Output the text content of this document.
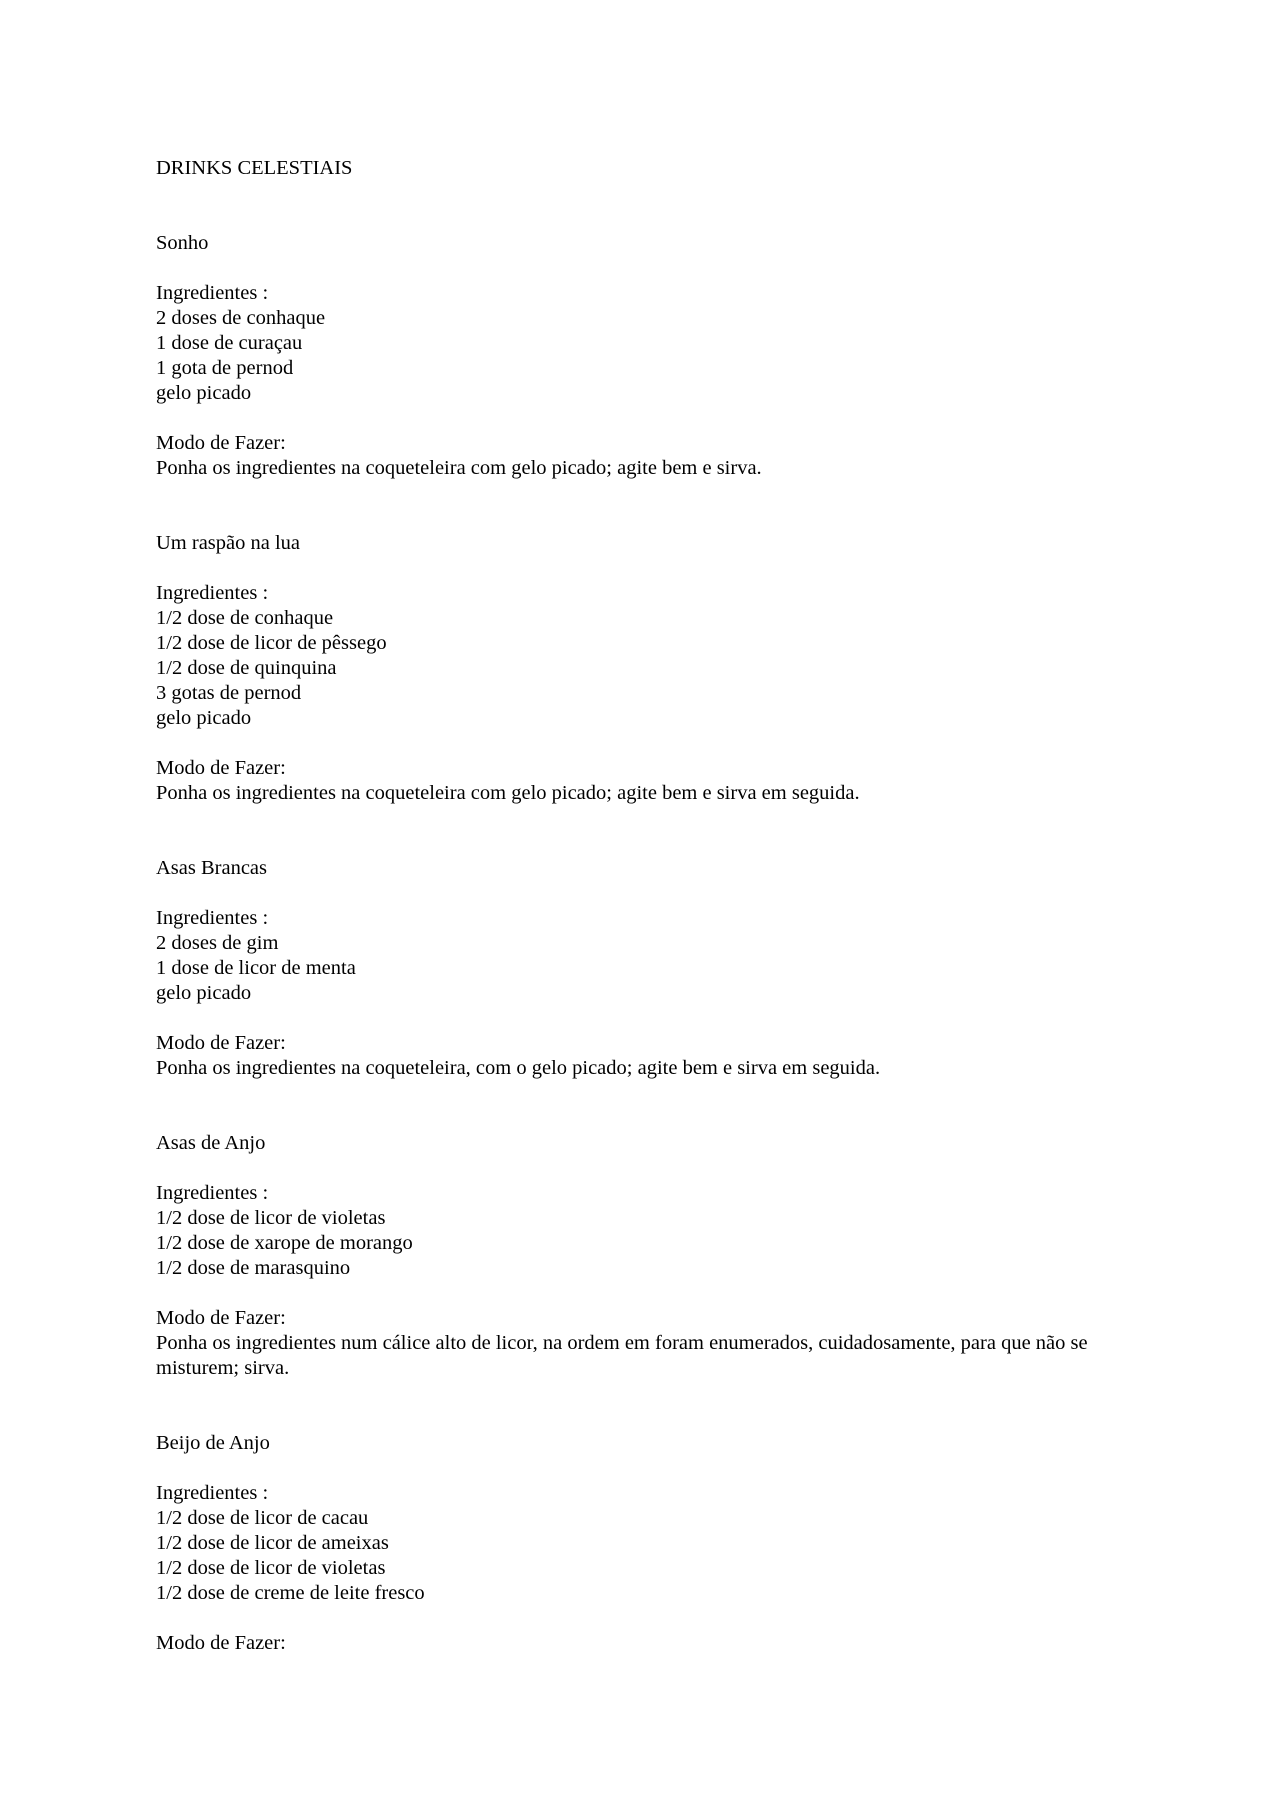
DRINKS CELESTIAIS
Sonho
Ingredientes :
2 doses de conhaque
1 dose de curaçau
1 gota de pernod
gelo picado
Modo de Fazer:
Ponha os ingredientes na coqueteleira com gelo picado; agite bem e sirva.
Um raspão na lua
Ingredientes :
1/2 dose de conhaque
1/2 dose de licor de pêssego
1/2 dose de quinquina
3 gotas de pernod
gelo picado
Modo de Fazer:
Ponha os ingredientes na coqueteleira com gelo picado; agite bem e sirva em seguida.
Asas Brancas
Ingredientes :
2 doses de gim
1 dose de licor de menta
gelo picado
Modo de Fazer:
Ponha os ingredientes na coqueteleira, com o gelo picado; agite bem e sirva em seguida.
Asas de Anjo
Ingredientes :
1/2 dose de licor de violetas
1/2 dose de xarope de morango
1/2 dose de marasquino
Modo de Fazer:
Ponha os ingredientes num cálice alto de licor, na ordem em foram enumerados, cuidadosamente, para que não se misturem; sirva.
Beijo de Anjo
Ingredientes :
1/2 dose de licor de cacau
1/2 dose de licor de ameixas
1/2 dose de licor de violetas
1/2 dose de creme de leite fresco
Modo de Fazer:
